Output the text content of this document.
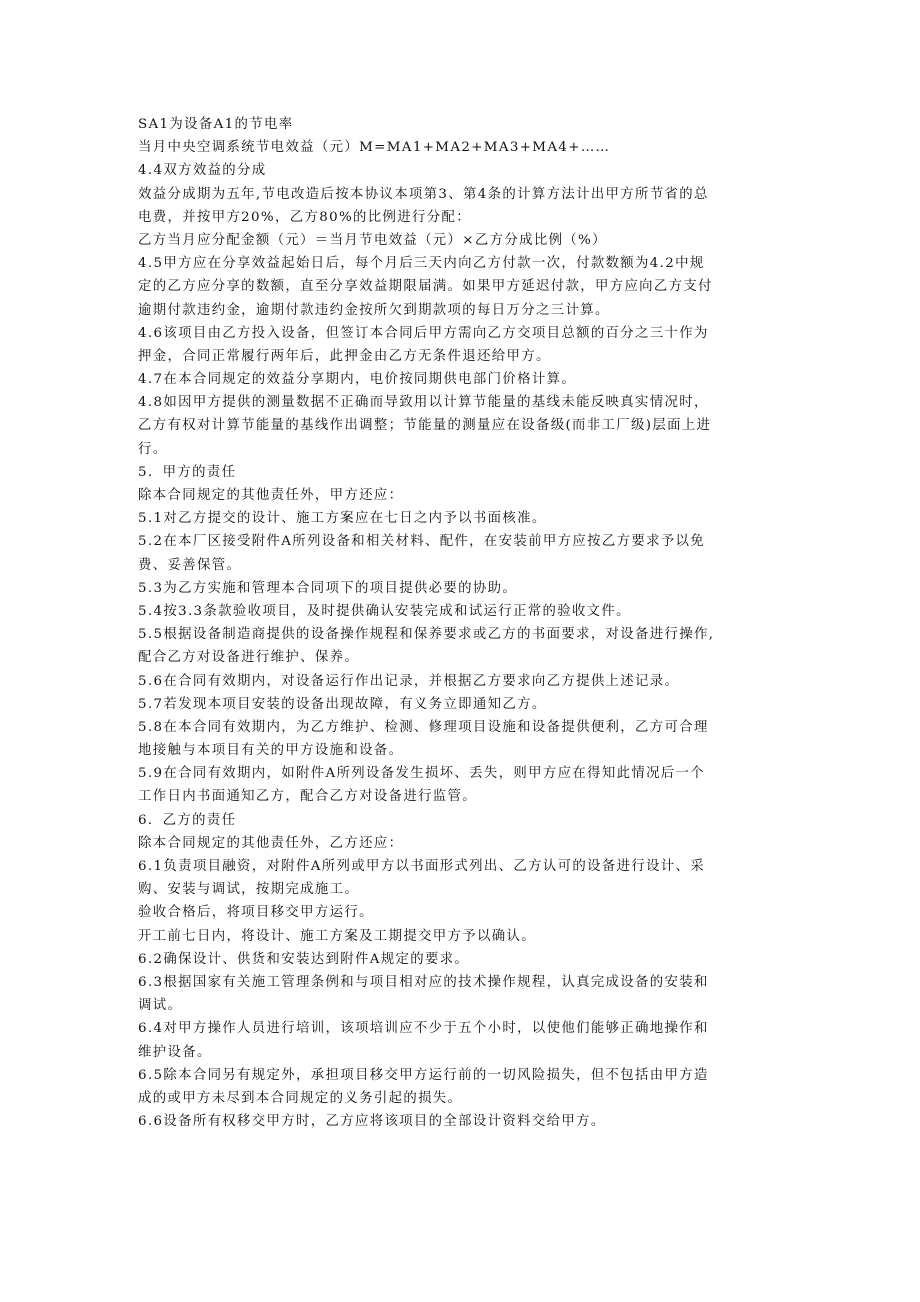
SA1为设备A1的节电率
当月中央空调系统节电效益（元）M=MA1+MA2+MA3+MA4+……
4.4双方效益的分成
效益分成期为五年,节电改造后按本协议本项第3、第4条的计算方法计出甲方所节省的总
电费，并按甲方20%，乙方80%的比例进行分配：
乙方当月应分配金额（元）＝当月节电效益（元）×乙方分成比例（%）
4.5甲方应在分享效益起始日后，每个月后三天内向乙方付款一次，付款数额为4.2中规
定的乙方应分享的数额，直至分享效益期限届满。如果甲方延迟付款，甲方应向乙方支付
逾期付款违约金，逾期付款违约金按所欠到期款项的每日万分之三计算。
4.6该项目由乙方投入设备，但签订本合同后甲方需向乙方交项目总额的百分之三十作为
押金，合同正常履行两年后，此押金由乙方无条件退还给甲方。
4.7在本合同规定的效益分享期内，电价按同期供电部门价格计算。
4.8如因甲方提供的测量数据不正确而导致用以计算节能量的基线未能反映真实情况时，
乙方有权对计算节能量的基线作出调整；节能量的测量应在设备级(而非工厂级)层面上进
行。
5．甲方的责任
除本合同规定的其他责任外，甲方还应：
5.1对乙方提交的设计、施工方案应在七日之内予以书面核准。
5.2在本厂区接受附件A所列设备和相关材料、配件，在安装前甲方应按乙方要求予以免
费、妥善保管。
5.3为乙方实施和管理本合同项下的项目提供必要的协助。
5.4按3.3条款验收项目，及时提供确认安装完成和试运行正常的验收文件。
5.5根据设备制造商提供的设备操作规程和保养要求或乙方的书面要求，对设备进行操作,
配合乙方对设备进行维护、保养。
5.6在合同有效期内，对设备运行作出记录，并根据乙方要求向乙方提供上述记录。
5.7若发现本项目安装的设备出现故障，有义务立即通知乙方。
5.8在本合同有效期内，为乙方维护、检测、修理项目设施和设备提供便利，乙方可合理
地接触与本项目有关的甲方设施和设备。
5.9在合同有效期内，如附件A所列设备发生损坏、丢失，则甲方应在得知此情况后一个
工作日内书面通知乙方，配合乙方对设备进行监管。
6．乙方的责任
除本合同规定的其他责任外，乙方还应：
6.1负责项目融资，对附件A所列或甲方以书面形式列出、乙方认可的设备进行设计、采
购、安装与调试，按期完成施工。
验收合格后，将项目移交甲方运行。
开工前七日内，将设计、施工方案及工期提交甲方予以确认。
6.2确保设计、供货和安装达到附件A规定的要求。
6.3根据国家有关施工管理条例和与项目相对应的技术操作规程，认真完成设备的安装和
调试。
6.4对甲方操作人员进行培训，该项培训应不少于五个小时，以使他们能够正确地操作和
维护设备。
6.5除本合同另有规定外，承担项目移交甲方运行前的一切风险损失，但不包括由甲方造
成的或甲方未尽到本合同规定的义务引起的损失。
6.6设备所有权移交甲方时，乙方应将该项目的全部设计资料交给甲方。
